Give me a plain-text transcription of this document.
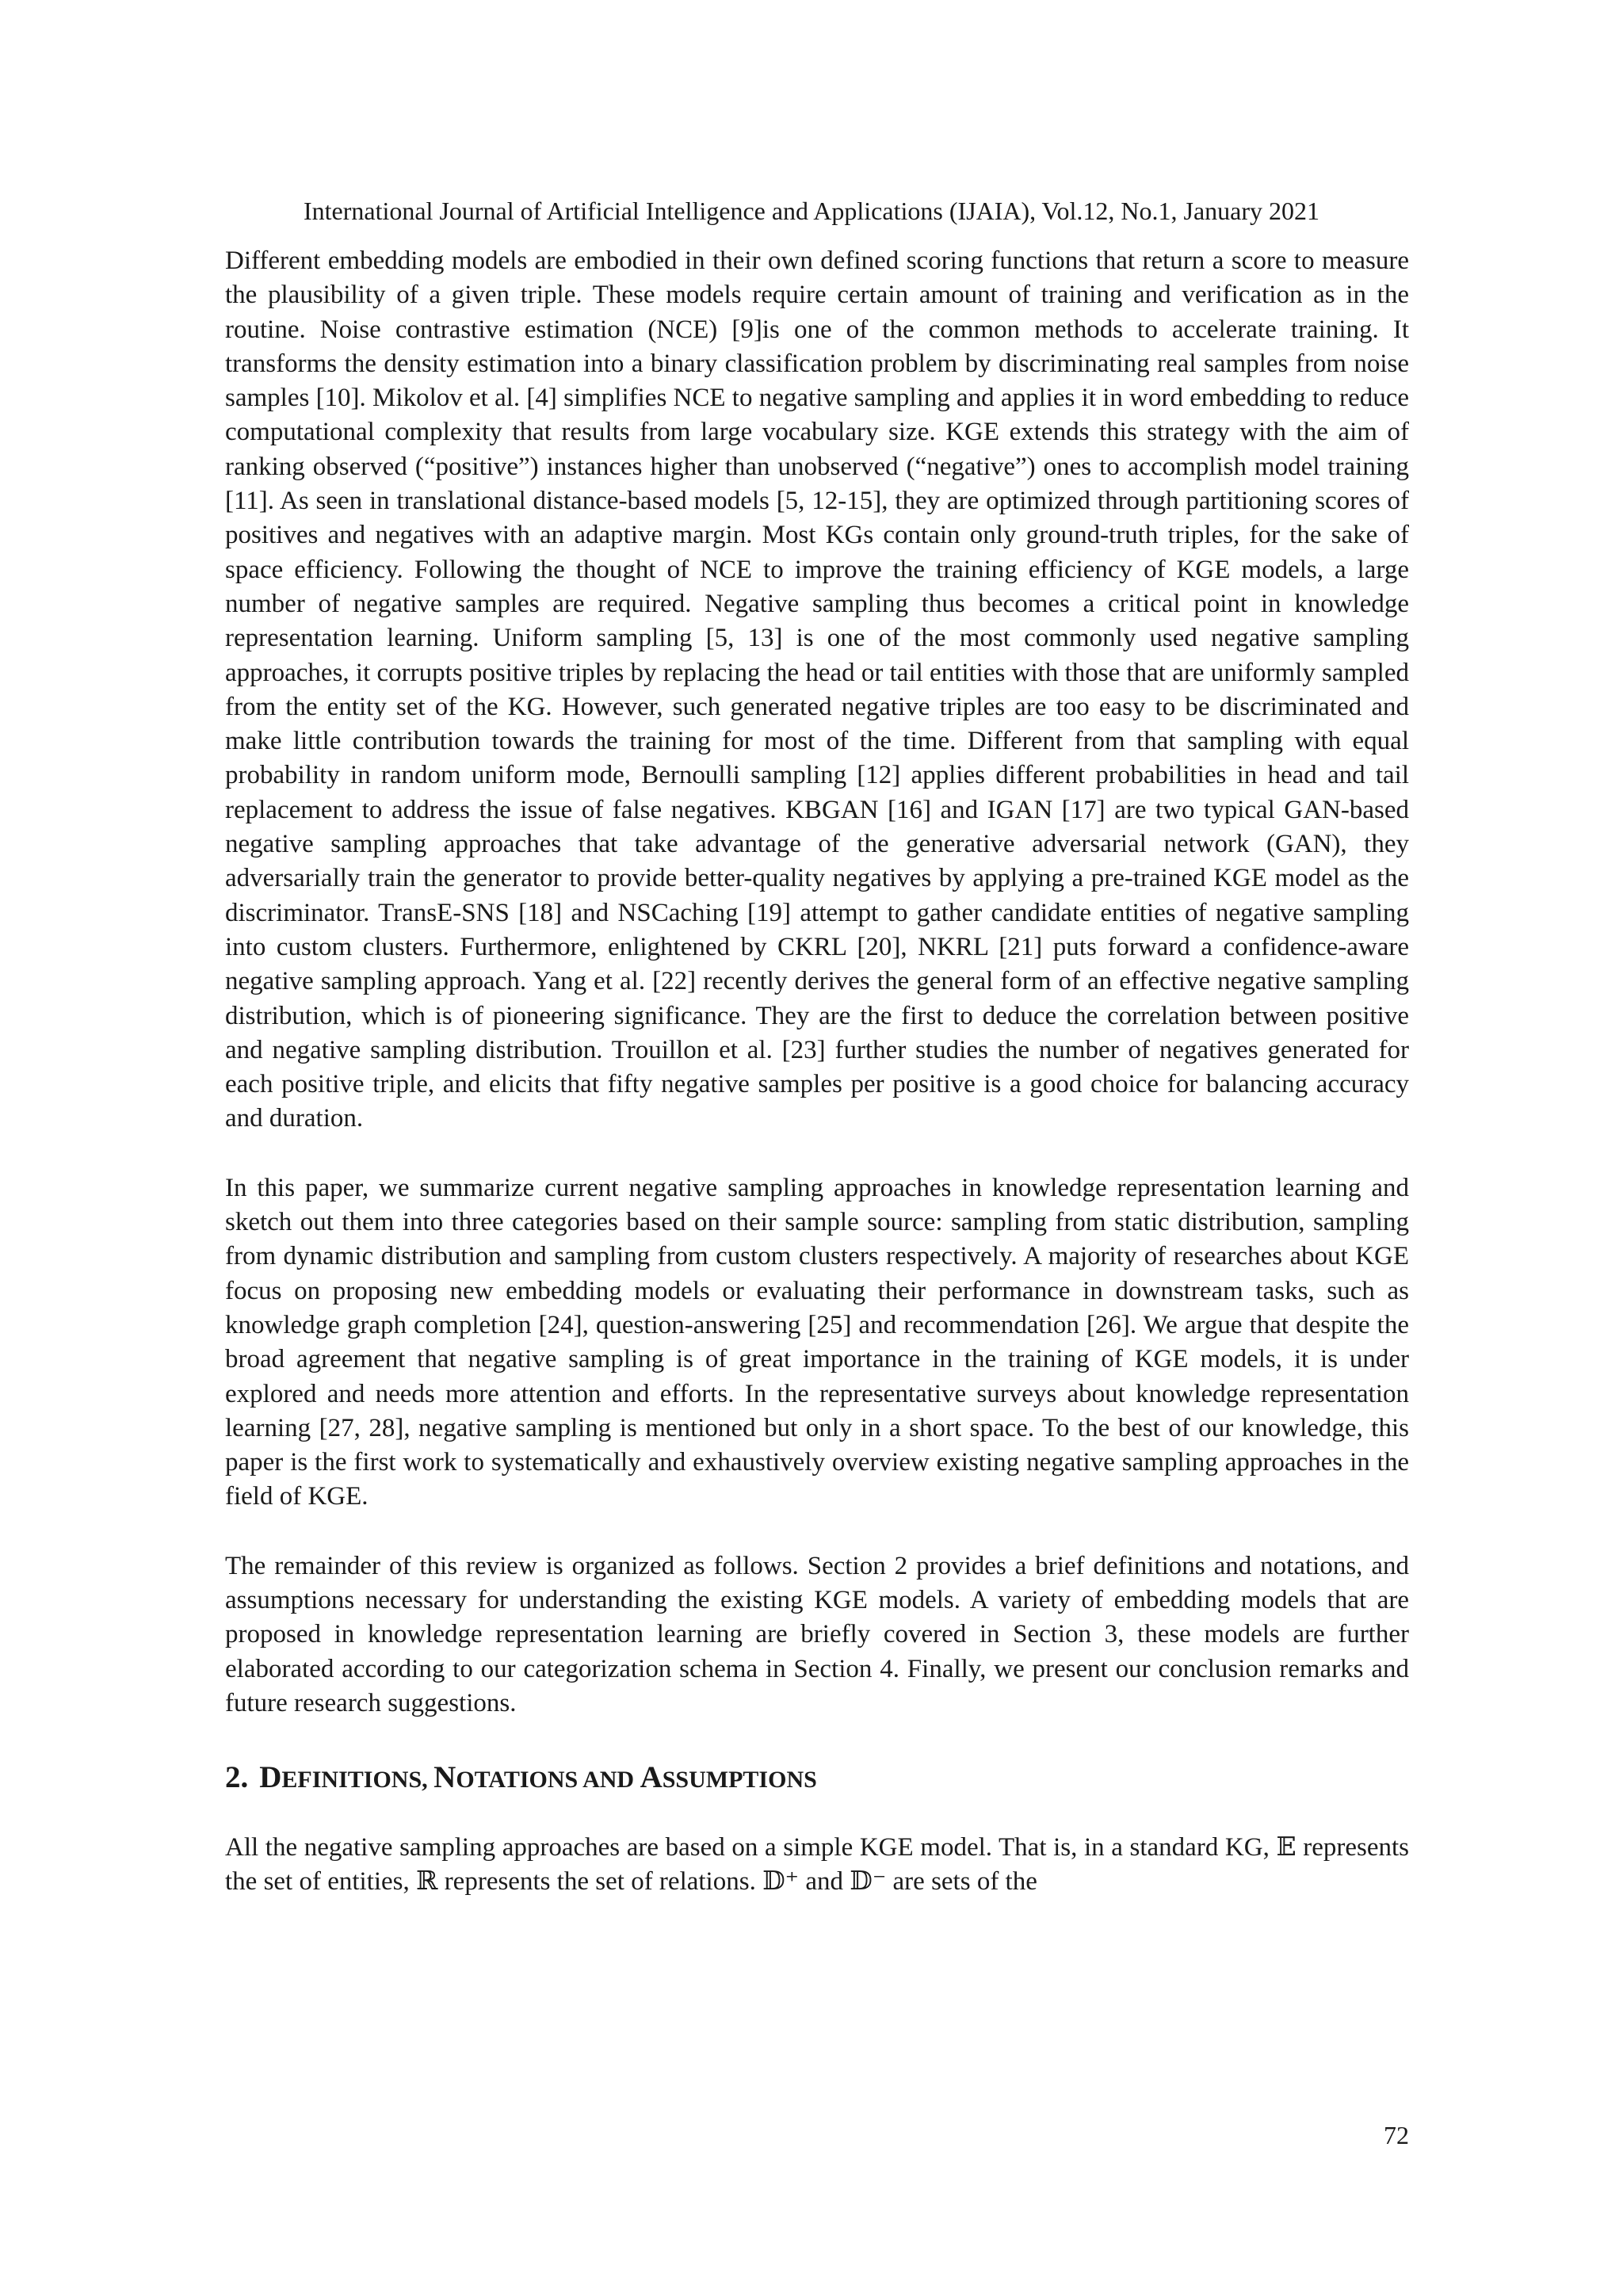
International Journal of Artificial Intelligence and Applications (IJAIA), Vol.12, No.1, January 2021

Different embedding models are embodied in their own defined scoring functions that return a score to measure the plausibility of a given triple. These models require certain amount of training and verification as in the routine. Noise contrastive estimation (NCE) [9]is one of the common methods to accelerate training. It transforms the density estimation into a binary classification problem by discriminating real samples from noise samples [10]. Mikolov et al. [4] simplifies NCE to negative sampling and applies it in word embedding to reduce computational complexity that results from large vocabulary size. KGE extends this strategy with the aim of ranking observed (“positive”) instances higher than unobserved (“negative”) ones to accomplish model training [11]. As seen in translational distance-based models [5, 12-15], they are optimized through partitioning scores of positives and negatives with an adaptive margin. Most KGs contain only ground-truth triples, for the sake of space efficiency. Following the thought of NCE to improve the training efficiency of KGE models, a large number of negative samples are required. Negative sampling thus becomes a critical point in knowledge representation learning. Uniform sampling [5, 13] is one of the most commonly used negative sampling approaches, it corrupts positive triples by replacing the head or tail entities with those that are uniformly sampled from the entity set of the KG. However, such generated negative triples are too easy to be discriminated and make little contribution towards the training for most of the time. Different from that sampling with equal probability in random uniform mode, Bernoulli sampling [12] applies different probabilities in head and tail replacement to address the issue of false negatives. KBGAN [16] and IGAN [17] are two typical GAN-based negative sampling approaches that take advantage of the generative adversarial network (GAN), they adversarially train the generator to provide better-quality negatives by applying a pre-trained KGE model as the discriminator. TransE-SNS [18] and NSCaching [19] attempt to gather candidate entities of negative sampling into custom clusters. Furthermore, enlightened by CKRL [20], NKRL [21] puts forward a confidence-aware negative sampling approach. Yang et al. [22] recently derives the general form of an effective negative sampling distribution, which is of pioneering significance. They are the first to deduce the correlation between positive and negative sampling distribution. Trouillon et al. [23] further studies the number of negatives generated for each positive triple, and elicits that fifty negative samples per positive is a good choice for balancing accuracy and duration.

In this paper, we summarize current negative sampling approaches in knowledge representation learning and sketch out them into three categories based on their sample source: sampling from static distribution, sampling from dynamic distribution and sampling from custom clusters respectively. A majority of researches about KGE focus on proposing new embedding models or evaluating their performance in downstream tasks, such as knowledge graph completion [24], question-answering [25] and recommendation [26]. We argue that despite the broad agreement that negative sampling is of great importance in the training of KGE models, it is under explored and needs more attention and efforts. In the representative surveys about knowledge representation learning [27, 28], negative sampling is mentioned but only in a short space. To the best of our knowledge, this paper is the first work to systematically and exhaustively overview existing negative sampling approaches in the field of KGE.

The remainder of this review is organized as follows. Section 2 provides a brief definitions and notations, and assumptions necessary for understanding the existing KGE models. A variety of embedding models that are proposed in knowledge representation learning are briefly covered in Section 3, these models are further elaborated according to our categorization schema in Section 4. Finally, we present our conclusion remarks and future research suggestions.

2. DEFINITIONS, NOTATIONS AND ASSUMPTIONS

All the negative sampling approaches are based on a simple KGE model. That is, in a standard KG, 𝔼 represents the set of entities, ℝ represents the set of relations. 𝔻⁺ and 𝔻⁻ are sets of the

72
